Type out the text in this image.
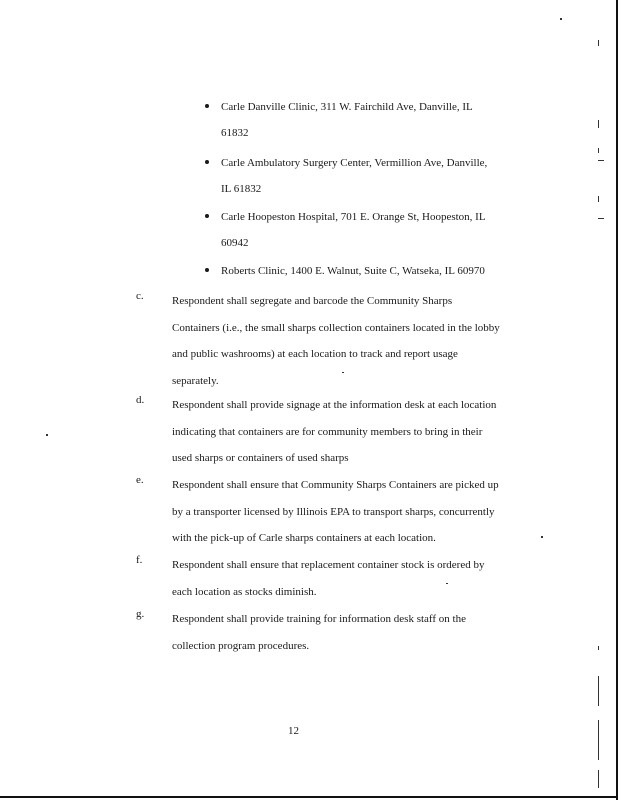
Carle Danville Clinic, 311 W. Fairchild Ave, Danville, IL
61832
Carle Ambulatory Surgery Center, Vermillion Ave, Danville,
IL 61832
Carle Hoopeston Hospital, 701 E. Orange St, Hoopeston, IL
60942
Roberts Clinic, 1400 E. Walnut, Suite C, Watseka, IL 60970
c.	Respondent shall segregate and barcode the Community Sharps
Containers (i.e., the small sharps collection containers located in the lobby
and public washrooms) at each location to track and report usage
separately.
d.	Respondent shall provide signage at the information desk at each location
indicating that containers are for community members to bring in their
used sharps or containers of used sharps
e.	Respondent shall ensure that Community Sharps Containers are picked up
by a transporter licensed by Illinois EPA to transport sharps, concurrently
with the pick-up of Carle sharps containers at each location.
f.	Respondent shall ensure that replacement container stock is ordered by
each location as stocks diminish.
g.	Respondent shall provide training for information desk staff on the
collection program procedures.
12
